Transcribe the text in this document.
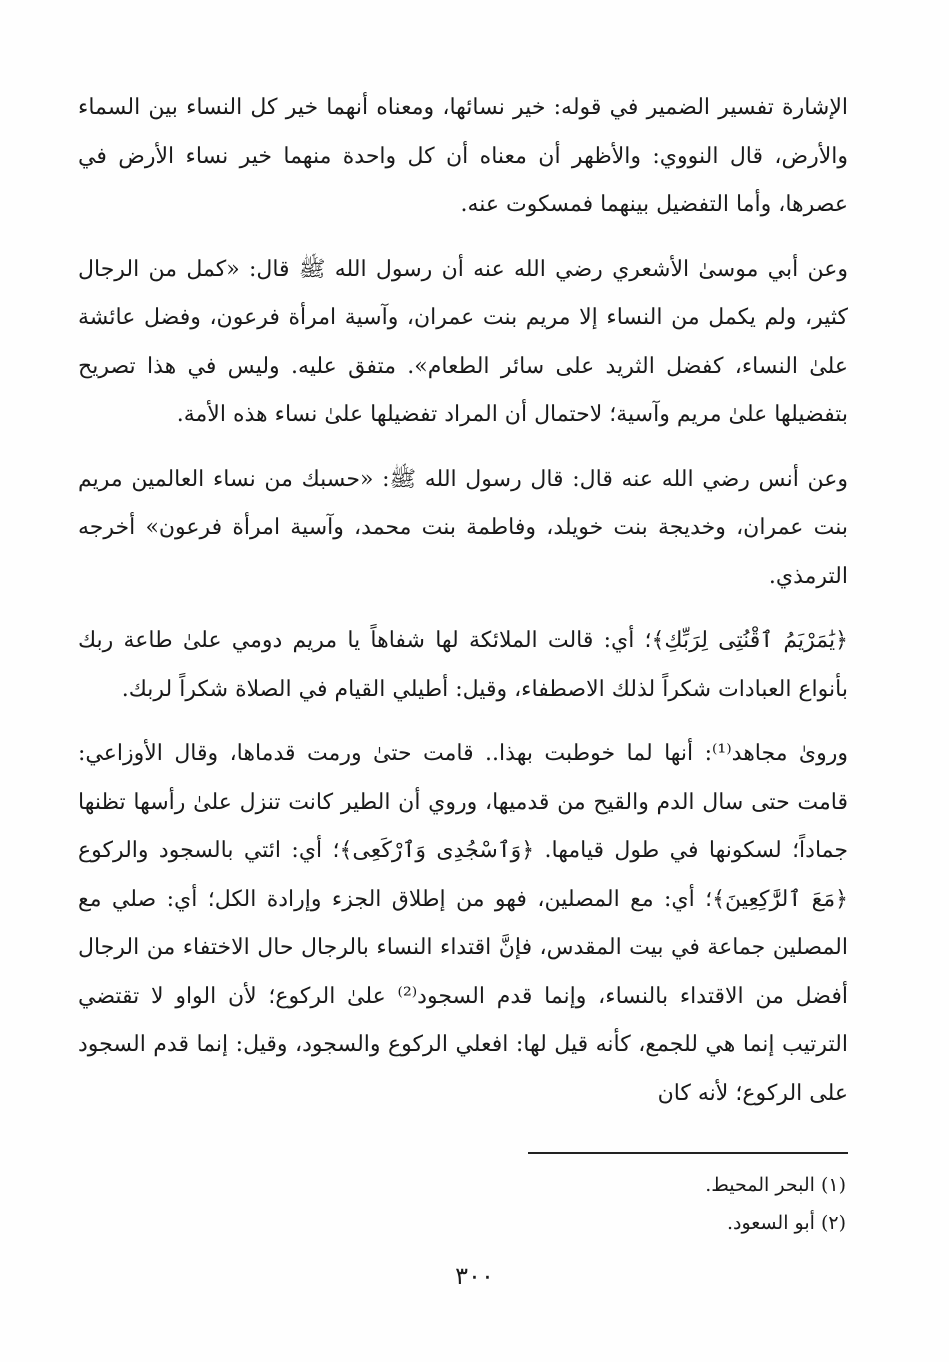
الإشارة تفسير الضمير في قوله: خير نسائها، ومعناه أنهما خير كل النساء بين السماء والأرض، قال النووي: والأظهر أن معناه أن كل واحدة منهما خير نساء الأرض في عصرها، وأما التفضيل بينهما فمسكوت عنه.

وعن أبي موسىٰ الأشعري رضي الله عنه أن رسول الله ﷺ قال: «كمل من الرجال كثير، ولم يكمل من النساء إلا مريم بنت عمران، وآسية امرأة فرعون، وفضل عائشة علىٰ النساء، كفضل الثريد على سائر الطعام». متفق عليه. وليس في هذا تصريح بتفضيلها علىٰ مريم وآسية؛ لاحتمال أن المراد تفضيلها علىٰ نساء هذه الأمة.

وعن أنس رضي الله عنه قال: قال رسول الله ﷺ: «حسبك من نساء العالمين مريم بنت عمران، وخديجة بنت خويلد، وفاطمة بنت محمد، وآسية امرأة فرعون» أخرجه الترمذي.

﴿يَٰمَرْيَمُ ٱقْنُتِى لِرَبِّكِ﴾؛ أي: قالت الملائكة لها شفاهاً يا مريم دومي علىٰ طاعة ربك بأنواع العبادات شكراً لذلك الاصطفاء، وقيل: أطيلي القيام في الصلاة شكراً لربك.

وروىٰ مجاهد⁽¹⁾: أنها لما خوطبت بهذا.. قامت حتىٰ ورمت قدماها، وقال الأوزاعي: قامت حتى سال الدم والقيح من قدميها، وروي أن الطير كانت تنزل علىٰ رأسها تظنها جماداً؛ لسكونها في طول قيامها. ﴿وَٱسْجُدِى وَٱرْكَعِى﴾؛ أي: ائتي بالسجود والركوع ﴿مَعَ ٱلرَّٰكِعِينَ﴾؛ أي: مع المصلين، فهو من إطلاق الجزء وإرادة الكل؛ أي: صلي مع المصلين جماعة في بيت المقدس، فإنَّ اقتداء النساء بالرجال حال الاختفاء من الرجال أفضل من الاقتداء بالنساء، وإنما قدم السجود⁽²⁾ علىٰ الركوع؛ لأن الواو لا تقتضي الترتيب إنما هي للجمع، كأنه قيل لها: افعلي الركوع والسجود، وقيل: إنما قدم السجود على الركوع؛ لأنه كان

(١) البحر المحيط.
(٢) أبو السعود.
٣٠٠
